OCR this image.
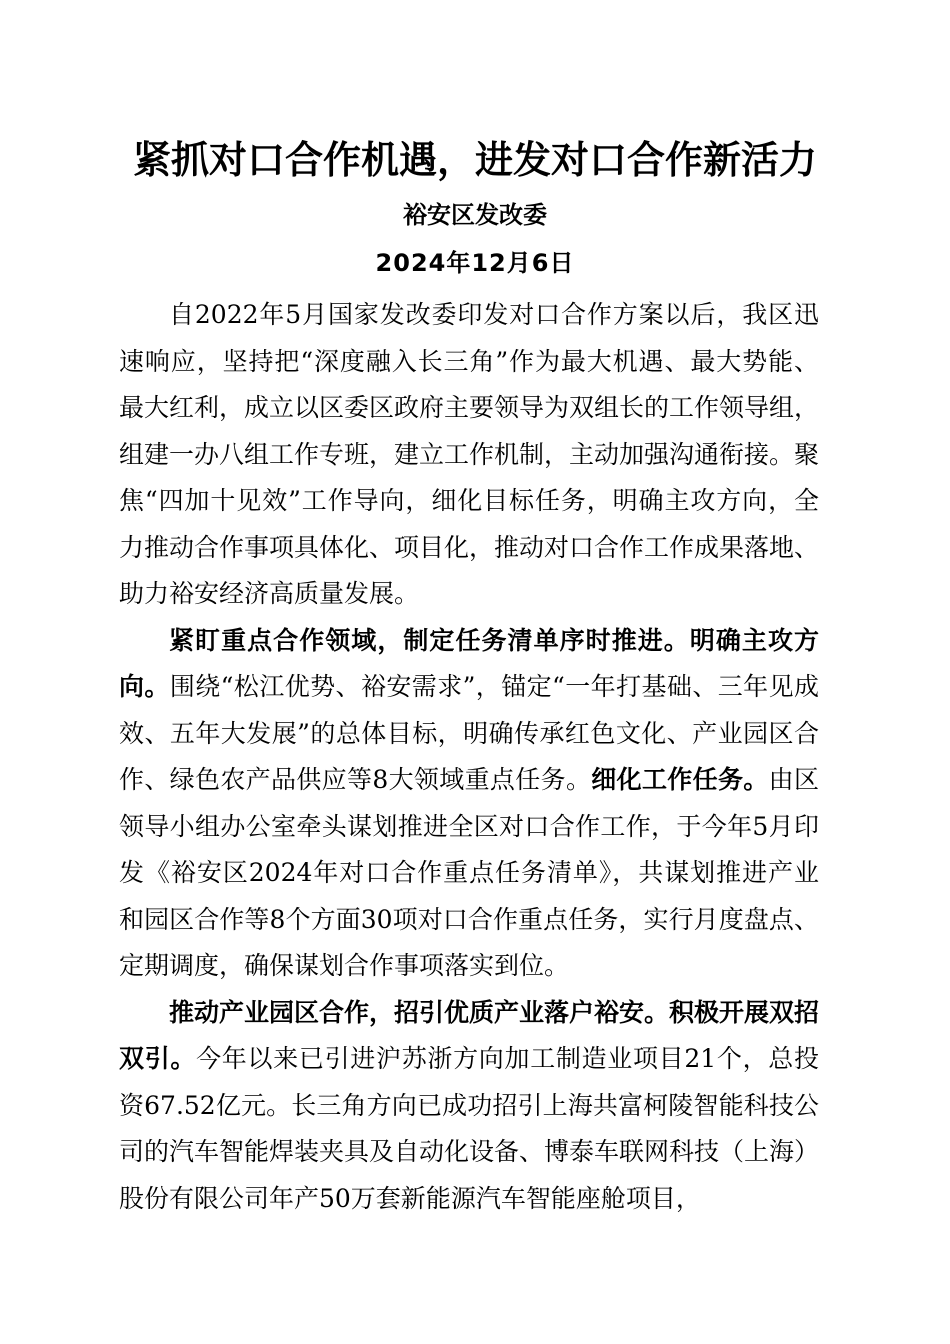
紧抓对口合作机遇，进发对口合作新活力
裕安区发改委
2024年12月6日

自2022年5月国家发改委印发对口合作方案以后，我区迅速响应，坚持把“深度融入长三角”作为最大机遇、最大势能、最大红利，成立以区委区政府主要领导为双组长的工作领导组，组建一办八组工作专班，建立工作机制，主动加强沟通衔接。聚焦“四加十见效”工作导向，细化目标任务，明确主攻方向，全力推动合作事项具体化、项目化，推动对口合作工作成果落地、助力裕安经济高质量发展。

紧盯重点合作领域，制定任务清单序时推进。明确主攻方向。围绕“松江优势、裕安需求”，锚定“一年打基础、三年见成效、五年大发展”的总体目标，明确传承红色文化、产业园区合作、绿色农产品供应等8大领域重点任务。细化工作任务。由区领导小组办公室牵头谋划推进全区对口合作工作，于今年5月印发《裕安区2024年对口合作重点任务清单》，共谋划推进产业和园区合作等8个方面30项对口合作重点任务，实行月度盘点、定期调度，确保谋划合作事项落实到位。

推动产业园区合作，招引优质产业落户裕安。积极开展双招双引。今年以来已引进沪苏浙方向加工制造业项目21个，总投资67.52亿元。长三角方向已成功招引上海共富柯陵智能科技公司的汽车智能焊装夹具及自动化设备、博泰车联网科技（上海）股份有限公司年产50万套新能源汽车智能座舱项目，
